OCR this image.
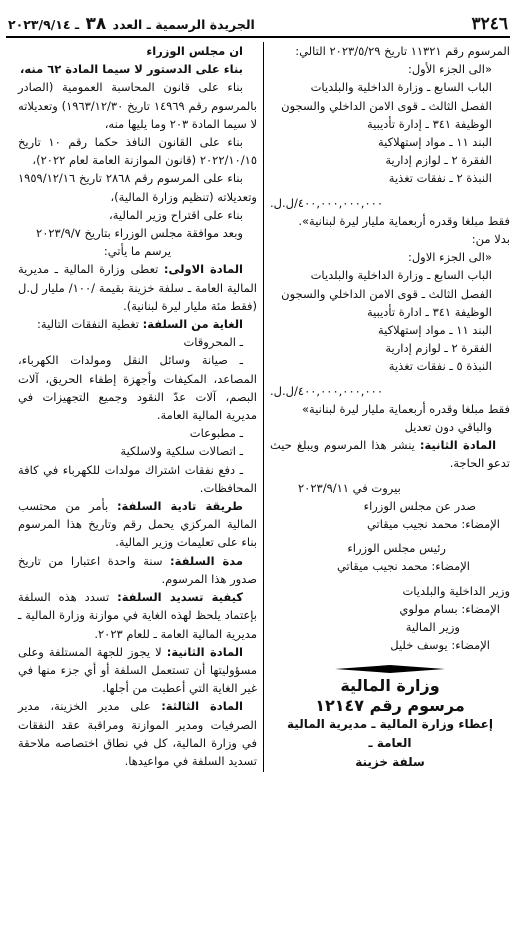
٣٢٤٦
الجريدة الرسمية ـ العدد ٣٨ ـ ٢٠٢٣/٩/١٤

المرسوم رقم ١١٣٢١ تاريخ ٢٠٢٣/٥/٢٩ التالي:

«الى الجزء الأول:

الباب السابع ـ وزارة الداخلية والبلديات

الفصل الثالث ـ قوى الامن الداخلي والسجون

الوظيفة ٣٤١ ـ إدارة تأديبية

البند ١١ ـ مواد إستهلاكية

الفقرة ٢ ـ لوازم إدارية

النبذة ٢ ـ نفقات تغذية

٤٠٠,٠٠٠,٠٠٠,٠٠٠/ل.ل.

فقط مبلغا وقدره أربعماية مليار ليرة لبنانية».

بدلا من:

«الى الجزء الاول:

الباب السابع ـ وزارة الداخلية والبلديات

الفصل الثالث ـ قوى الامن الداخلي والسجون

الوظيفة ٣٤١ ـ ادارة تأديبية

البند ١١ ـ مواد إستهلاكية

الفقرة ٢ ـ لوازم إدارية

النبذة ٥ ـ نفقات تغذية

٤٠٠,٠٠٠,٠٠٠,٠٠٠/ل.ل.

فقط مبلغا وقدره أربعماية مليار ليرة لبنانية»

والباقي دون تعديل

المادة الثانية: ينشر هذا المرسوم ويبلغ حيث تدعو الحاجة.

بيروت في ٢٠٢٣/٩/١١

صدر عن مجلس الوزراء

الإمضاء: محمد نجيب ميقاتي

رئيس مجلس الوزراء

الإمضاء: محمد نجيب ميقاتي

وزير الداخلية والبلديات

الإمضاء: بسام مولوي

وزير المالية

الإمضاء: يوسف خليل

وزارة المالية
مرسوم رقم ١٢١٤٧
إعطاء وزارة المالية ـ مديرية المالية العامة ـ
سلفة خزينة

ان مجلس الوزراء

بناء على الدستور لا سيما المادة ٦٢ منه،

بناء على قانون المحاسبة العمومية (الصادر بالمرسوم رقم ١٤٩٦٩ تاريخ ١٩٦٣/١٢/٣٠) وتعديلاته لا سيما المادة ٢٠٣ وما يليها منه،

بناء على القانون النافذ حكما رقم ١٠ تاريخ ٢٠٢٢/١٠/١٥ (قانون الموازنة العامة لعام ٢٠٢٢)،

بناء على المرسوم رقم ٢٨٦٨ تاريخ ١٩٥٩/١٢/١٦ وتعديلاته (تنظيم وزارة المالية)،

بناء على اقتراح وزير المالية،

وبعد موافقة مجلس الوزراء بتاريخ ٢٠٢٣/٩/٧

يرسم ما يأتي:

المادة الاولى: تعطى وزارة المالية ـ مديرية المالية العامة ـ سلفة خزينة بقيمة /١٠٠/ مليار ل.ل (فقط مئة مليار ليرة لبنانية).

الغاية من السلفة: تغطية النفقات التالية:

ـ المحروقات

ـ صيانة وسائل النقل ومولدات الكهرباء، المصاعد، المكيفات وأجهزة إطفاء الحريق، آلات البصم، آلات عدّ النقود وجميع التجهيزات في مديرية المالية العامة.

ـ مطبوعات

ـ اتصالات سلكية ولاسلكية

ـ دفع نفقات اشتراك مولدات للكهرباء في كافة المحافظات.

طريقة تادية السلفة: بأمر من محتسب المالية المركزي يحمل رقم وتاريخ هذا المرسوم بناء على تعليمات وزير المالية.

مدة السلفة: سنة واحدة اعتبارا من تاريخ صدور هذا المرسوم.

كيفية تسديد السلفة: تسدد هذه السلفة بإعتماد يلحظ لهذه الغاية في موازنة وزارة المالية ـ مديرية المالية العامة ـ للعام ٢٠٢٣.

المادة الثانية: لا يجوز للجهة المستلفة وعلى مسؤوليتها أن تستعمل السلفة أو أي جزء منها في غير الغاية التي أعطيت من أجلها.

المادة الثالثة: على مدير الخزينة، مدير الصرفيات ومدير الموازنة ومراقبة عقد النفقات في وزارة المالية، كل في نطاق اختصاصه ملاحقة تسديد السلفة في مواعيدها.
